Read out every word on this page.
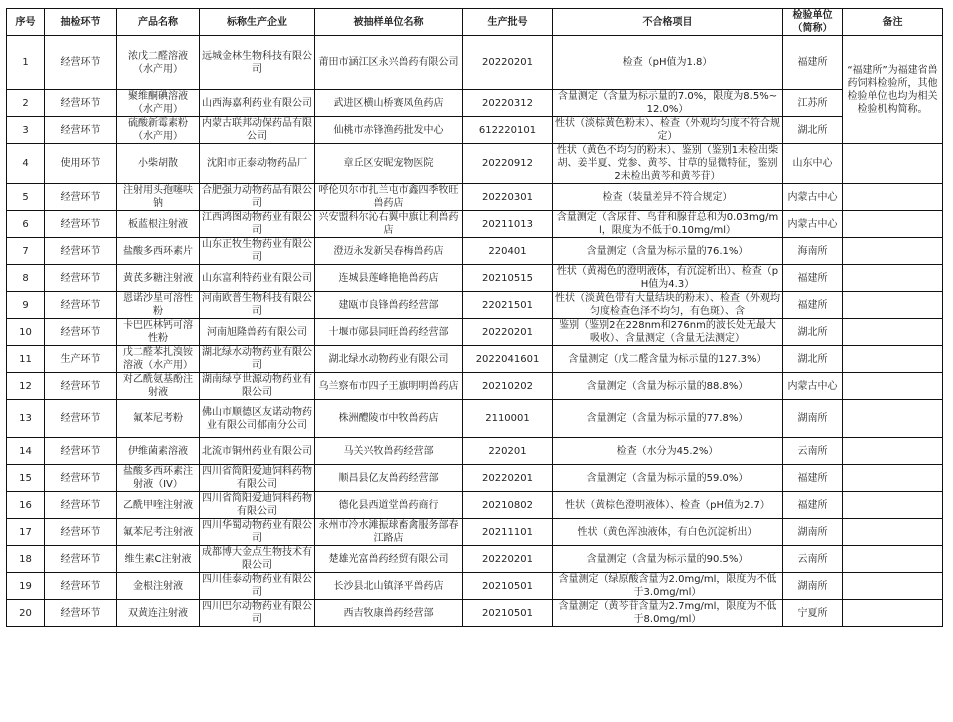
序号	抽检环节	产品名称	标称生产企业	被抽样单位名称	生产批号	不合格项目	检验单位（简称）	备注
1	经营环节	浓戊二醛溶液（水产用）	远城金林生物科技有限公司	莆田市涵江区永兴兽药有限公司	20220201	检查（pH值为1.8）	福建所	“福建所”为福建省兽药饲料检验所，其他检验单位也均为相关检验机构简称。
2	经营环节	聚维酮碘溶液（水产用）	山西海嘉利药业有限公司	武进区横山桥赛凤鱼药店	20220312	含量测定（含量为标示量的7.0%，限度为8.5%~12.0%）	江苏所	
3	经营环节	硫酸新霉素粉（水产用）	内蒙古联邦动保药品有限公司	仙桃市赤锋渔药批发中心	612220101	性状（淡棕黄色粉末）、检查（外观均匀度不符合规定）	湖北所	
4	使用环节	小柴胡散	沈阳市正泰动物药品厂	章丘区安昵宠物医院	20220912	性状（黄色不均匀的粉末）、鉴别（鉴别1未检出柴胡、姜半夏、党参、黄芩、甘草的显微特征，鉴别2未检出黄芩和黄芩苷）	山东中心	
5	经营环节	注射用头孢噻呋钠	合肥强力动物药品有限公司	呼伦贝尔市扎兰屯市鑫四季牧旺兽药店	20220301	检查（装量差异不符合规定）	内蒙古中心	
6	经营环节	板蓝根注射液	江西鸿图动物药业有限公司	兴安盟科尔沁右翼中旗让利兽药店	20211013	含量测定（含尿苷、鸟苷和腺苷总和为0.03mg/ml，限度为不低于0.10mg/ml）	内蒙古中心	
7	经营环节	盐酸多西环素片	山东正牧生物药业有限公司	澄迈永发新吴春梅兽药店	220401	含量测定（含量为标示量的76.1%）	海南所	
8	经营环节	黄芪多糖注射液	山东富利特药业有限公司	连城县莲峰艳艳兽药店	20210515	性状（黄褐色的澄明液体，有沉淀析出）、检查（pH值为4.3）	福建所	
9	经营环节	恩诺沙星可溶性粉	河南欧普生物科技有限公司	建瓯市良锋兽药经营部	22021501	性状（淡黄色带有大量结块的粉末）、检查（外观均匀度检查色泽不均匀，有色斑）、含	福建所	
10	经营环节	卡巴匹林钙可溶性粉	河南旭隆兽药有限公司	十堰市郧县同旺兽药经营部	20220201	鉴别（鉴别2在228nm和276nm的波长处无最大吸收）、含量测定（含量无法测定）	湖北所	
11	生产环节	戊二醛苯扎溴铵溶液（水产用）	湖北绿水动物药业有限公司	湖北绿水动物药业有限公司	2022041601	含量测定（戊二醛含量为标示量的127.3%）	湖北所	
12	经营环节	对乙酰氨基酚注射液	湖南绿亨世源动物药业有限公司	乌兰察布市四子王旗明明兽药店	20210202	含量测定（含量为标示量的88.8%）	内蒙古中心	
13	经营环节	氟苯尼考粉	佛山市顺德区友诺动物药业有限公司郁南分公司	株洲醴陵市中牧兽药店	2110001	含量测定（含量为标示量的77.8%）	湖南所	
14	经营环节	伊维菌素溶液	北流市铜州药业有限公司	马关兴牧兽药经营部	220201	检查（水分为45.2%）	云南所	
15	经营环节	盐酸多西环素注射液（IV）	四川省简阳爱迪饲料药物有限公司	顺昌县亿友兽药经营部	20220201	含量测定（含量为标示量的59.0%）	福建所	
16	经营环节	乙酰甲喹注射液	四川省简阳爱迪饲料药物有限公司	德化县西道堂兽药商行	20210802	性状（黄棕色澄明液体）、检查（pH值为2.7）	福建所	
17	经营环节	氟苯尼考注射液	四川华蜀动物药业有限公司	永州市冷水滩振球畜禽服务部春江路店	20211101	性状（黄色浑浊液体，有白色沉淀析出）	湖南所	
18	经营环节	维生素C注射液	成都博大金点生物技术有限公司	楚雄光富兽药经贸有限公司	20220201	含量测定（含量为标示量的90.5%）	云南所	
19	经营环节	金根注射液	四川佳泰动物药业有限公司	长沙县北山镇泽平兽药店	20210501	含量测定（绿原酸含量为2.0mg/ml，限度为不低于3.0mg/ml）	湖南所	
20	经营环节	双黄连注射液	四川巴尔动物药业有限公司	西吉牧康兽药经营部	20210501	含量测定（黄芩苷含量为2.7mg/ml，限度为不低于8.0mg/ml）	宁夏所	
